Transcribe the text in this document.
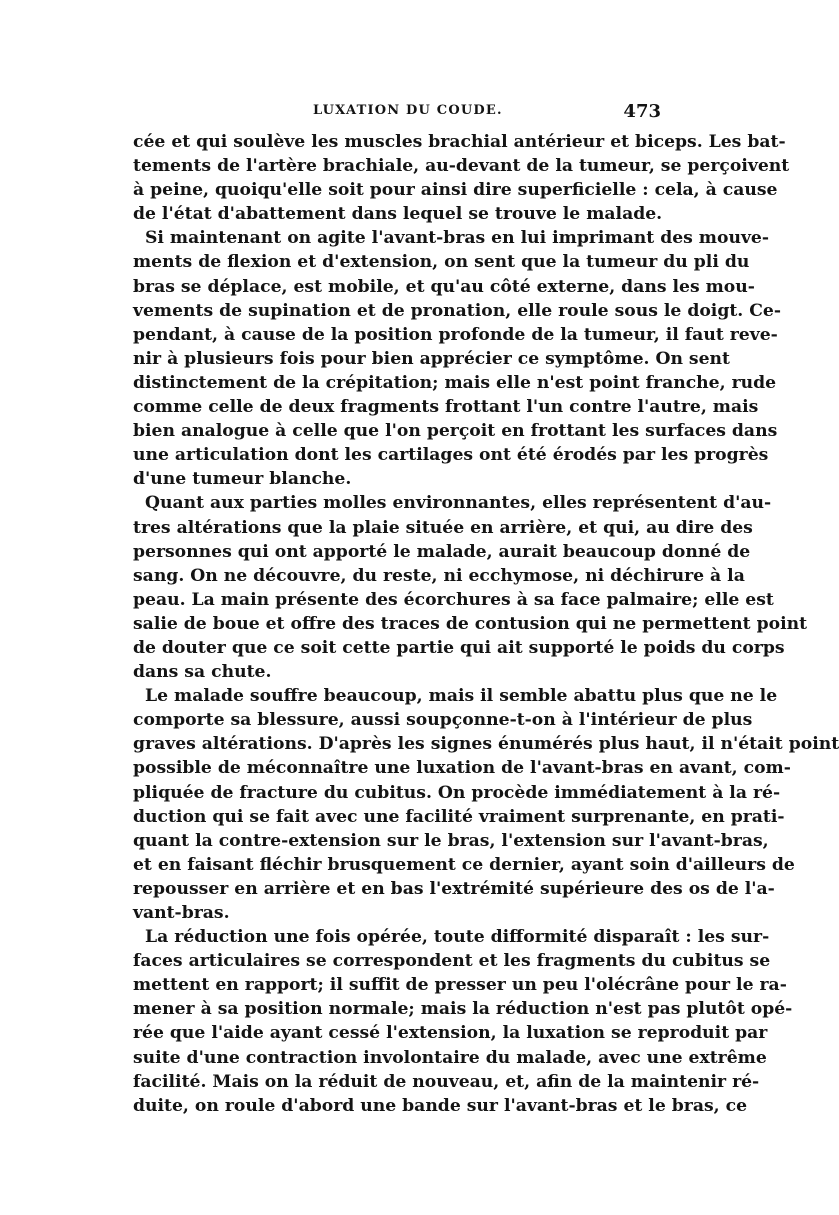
LUXATION DU COUDE.	473
cée et qui soulève les muscles brachial antérieur et biceps. Les bat-
tements de l'artère brachiale, au-devant de la tumeur, se perçoivent
à peine, quoiqu'elle soit pour ainsi dire superficielle : cela, à cause
de l'état d'abattement dans lequel se trouve le malade.
Si maintenant on agite l'avant-bras en lui imprimant des mouve-
ments de flexion et d'extension, on sent que la tumeur du pli du
bras se déplace, est mobile, et qu'au côté externe, dans les mou-
vements de supination et de pronation, elle roule sous le doigt. Ce-
pendant, à cause de la position profonde de la tumeur, il faut reve-
nir à plusieurs fois pour bien apprécier ce symptôme. On sent
distinctement de la crépitation; mais elle n'est point franche, rude
comme celle de deux fragments frottant l'un contre l'autre, mais
bien analogue à celle que l'on perçoit en frottant les surfaces dans
une articulation dont les cartilages ont été érodés par les progrès
d'une tumeur blanche.
Quant aux parties molles environnantes, elles représentent d'au-
tres altérations que la plaie située en arrière, et qui, au dire des
personnes qui ont apporté le malade, aurait beaucoup donné de
sang. On ne découvre, du reste, ni ecchymose, ni déchirure à la
peau. La main présente des écorchures à sa face palmaire; elle est
salie de boue et offre des traces de contusion qui ne permettent point
de douter que ce soit cette partie qui ait supporté le poids du corps
dans sa chute.
Le malade souffre beaucoup, mais il semble abattu plus que ne le
comporte sa blessure, aussi soupçonne-t-on à l'intérieur de plus
graves altérations. D'après les signes énumérés plus haut, il n'était point
possible de méconnaître une luxation de l'avant-bras en avant, com-
pliquée de fracture du cubitus. On procède immédiatement à la ré-
duction qui se fait avec une facilité vraiment surprenante, en prati-
quant la contre-extension sur le bras, l'extension sur l'avant-bras,
et en faisant fléchir brusquement ce dernier, ayant soin d'ailleurs de
repousser en arrière et en bas l'extrémité supérieure des os de l'a-
vant-bras.
La réduction une fois opérée, toute difformité disparaît : les sur-
faces articulaires se correspondent et les fragments du cubitus se
mettent en rapport; il suffit de presser un peu l'olécrâne pour le ra-
mener à sa position normale; mais la réduction n'est pas plutôt opé-
rée que l'aide ayant cessé l'extension, la luxation se reproduit par
suite d'une contraction involontaire du malade, avec une extrême
facilité. Mais on la réduit de nouveau, et, afin de la maintenir ré-
duite, on roule d'abord une bande sur l'avant-bras et le bras, ce
